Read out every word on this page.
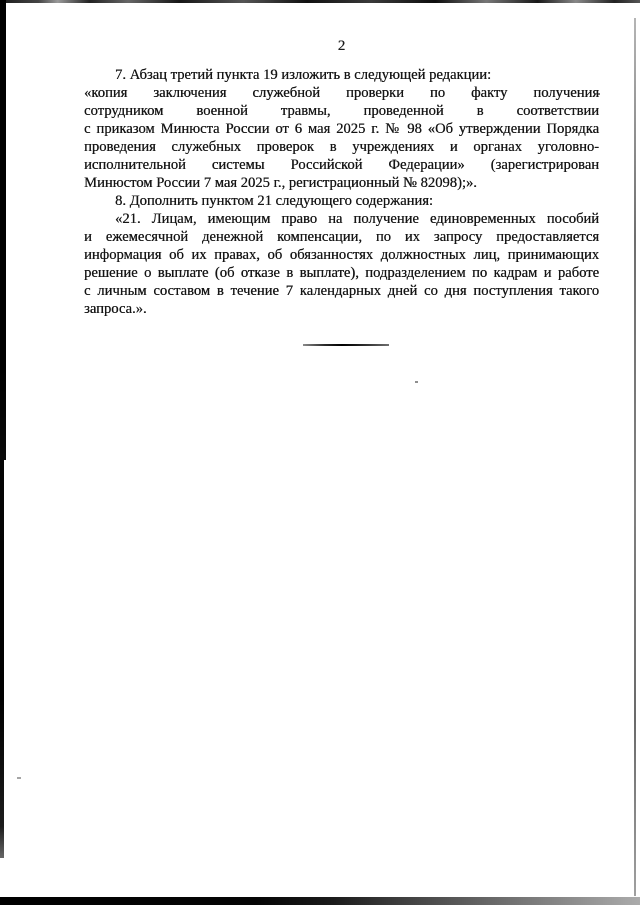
2
7. Абзац третий пункта 19 изложить в следующей редакции:
«копия заключения служебной проверки по факту получения
сотрудником военной травмы, проведенной в соответствии
с приказом Минюста России от 6 мая 2025 г. № 98 «Об утверждении Порядка
проведения служебных проверок в учреждениях и органах уголовно-
исполнительной системы Российской Федерации» (зарегистрирован
Минюстом России 7 мая 2025 г., регистрационный № 82098);».
8. Дополнить пунктом 21 следующего содержания:
«21. Лицам, имеющим право на получение единовременных пособий
и ежемесячной денежной компенсации, по их запросу предоставляется
информация об их правах, об обязанностях должностных лиц, принимающих
решение о выплате (об отказе в выплате), подразделением по кадрам и работе
с личным составом в течение 7 календарных дней со дня поступления такого
запроса.».
